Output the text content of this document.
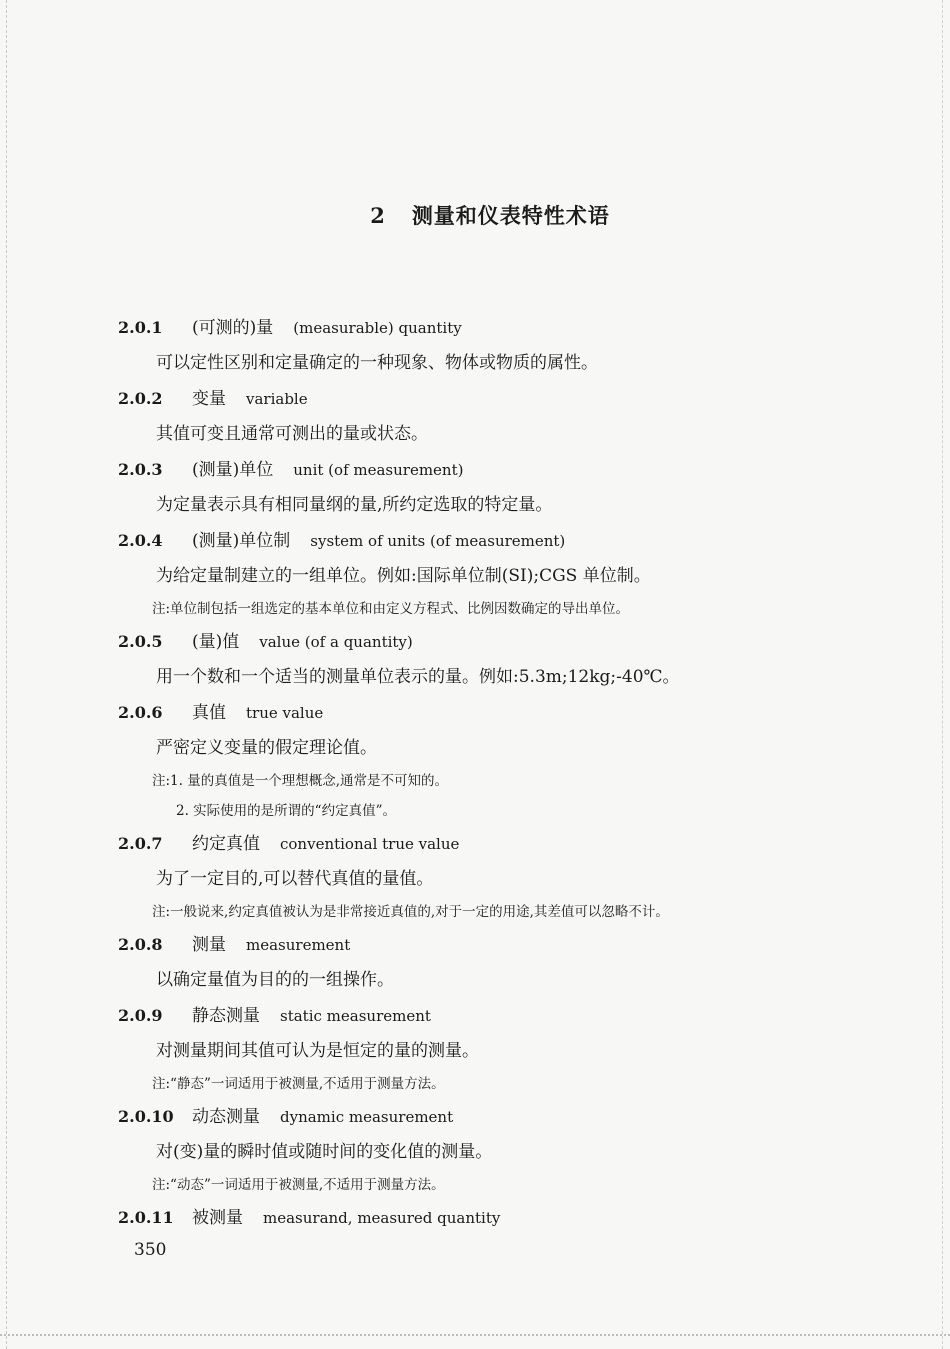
2 测量和仪表特性术语
2.0.1 (可测的)量 (measurable) quantity
可以定性区别和定量确定的一种现象、物体或物质的属性。
2.0.2 变量 variable
其值可变且通常可测出的量或状态。
2.0.3 (测量)单位 unit (of measurement)
为定量表示具有相同量纲的量,所约定选取的特定量。
2.0.4 (测量)单位制 system of units (of measurement)
为给定量制建立的一组单位。例如:国际单位制(SI);CGS 单位制。
注:单位制包括一组选定的基本单位和由定义方程式、比例因数确定的导出单位。
2.0.5 (量)值 value (of a quantity)
用一个数和一个适当的测量单位表示的量。例如:5.3m;12kg;-40℃。
2.0.6 真值 true value
严密定义变量的假定理论值。
注:1. 量的真值是一个理想概念,通常是不可知的。
2. 实际使用的是所谓的“约定真值”。
2.0.7 约定真值 conventional true value
为了一定目的,可以替代真值的量值。
注:一般说来,约定真值被认为是非常接近真值的,对于一定的用途,其差值可以忽略不计。
2.0.8 测量 measurement
以确定量值为目的的一组操作。
2.0.9 静态测量 static measurement
对测量期间其值可认为是恒定的量的测量。
注:“静态”一词适用于被测量,不适用于测量方法。
2.0.10 动态测量 dynamic measurement
对(变)量的瞬时值或随时间的变化值的测量。
注:“动态”一词适用于被测量,不适用于测量方法。
2.0.11 被测量 measurand, measured quantity
350
